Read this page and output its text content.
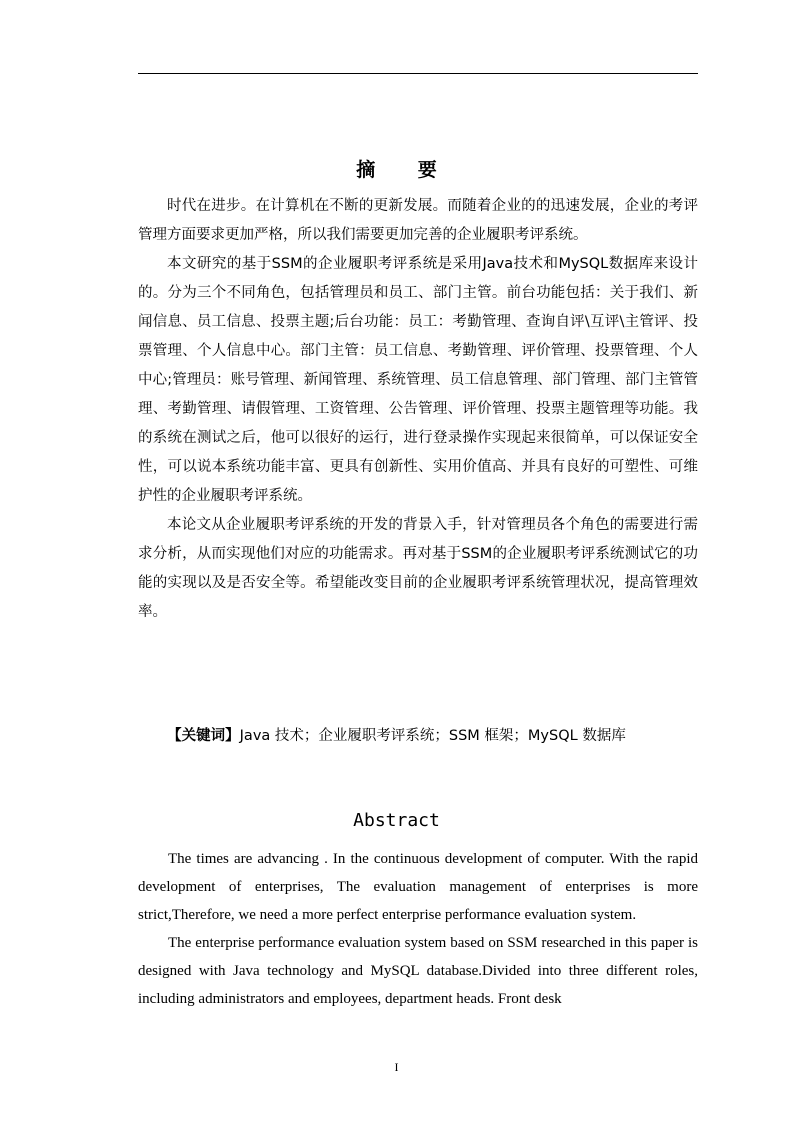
摘 要

时代在进步。在计算机在不断的更新发展。而随着企业的的迅速发展，企业的考评管理方面要求更加严格，所以我们需要更加完善的企业履职考评系统。

本文研究的基于SSM的企业履职考评系统是采用Java技术和MySQL数据库来设计的。分为三个不同角色，包括管理员和员工、部门主管。前台功能包括：关于我们、新闻信息、员工信息、投票主题;后台功能：员工：考勤管理、查询自评\互评\主管评、投票管理、个人信息中心。部门主管：员工信息、考勤管理、评价管理、投票管理、个人中心;管理员：账号管理、新闻管理、系统管理、员工信息管理、部门管理、部门主管管理、考勤管理、请假管理、工资管理、公告管理、评价管理、投票主题管理等功能。我的系统在测试之后，他可以很好的运行，进行登录操作实现起来很简单，可以保证安全性，可以说本系统功能丰富、更具有创新性、实用价值高、并具有良好的可塑性、可维护性的企业履职考评系统。

本论文从企业履职考评系统的开发的背景入手，针对管理员各个角色的需要进行需求分析，从而实现他们对应的功能需求。再对基于SSM的企业履职考评系统测试它的功能的实现以及是否安全等。希望能改变目前的企业履职考评系统管理状况，提高管理效率。

【关键词】Java 技术；企业履职考评系统；SSM 框架；MySQL 数据库
Abstract

The times are advancing . In the continuous development of computer. With the rapid development of enterprises, The evaluation management of enterprises is more strict,Therefore, we need a more perfect enterprise performance evaluation system.

The enterprise performance evaluation system based on SSM researched in this paper is designed with Java technology and MySQL database.Divided into three different roles, including administrators and employees, department heads. Front desk

I
